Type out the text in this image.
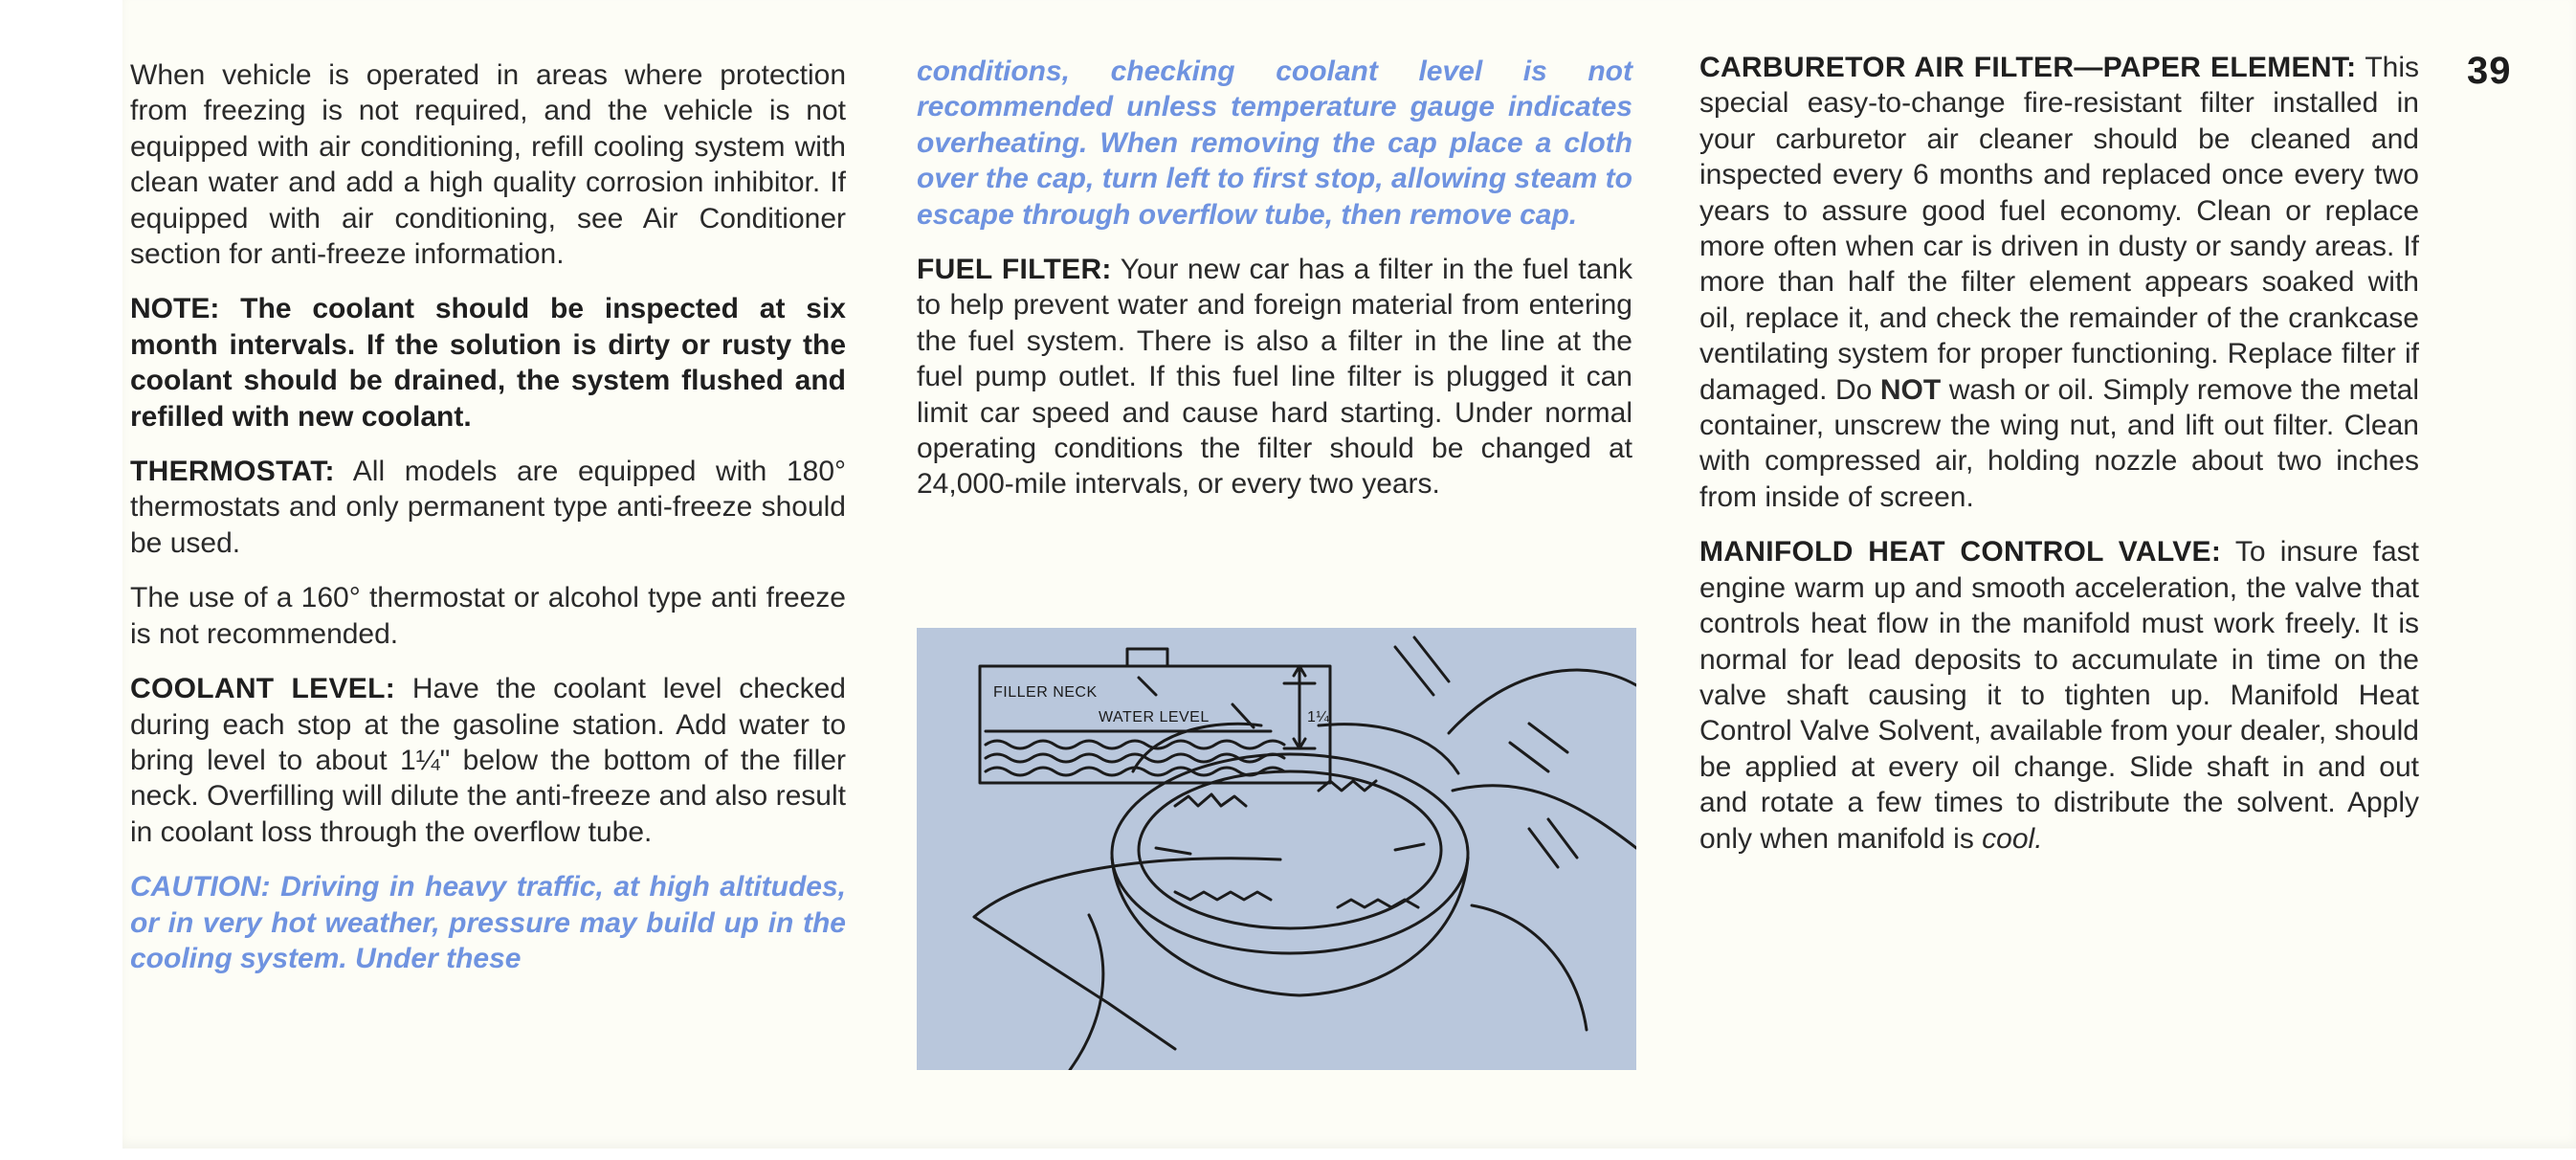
39

When vehicle is operated in areas where protection from freezing is not required, and the vehicle is not equipped with air conditioning, refill cooling system with clean water and add a high quality corrosion inhibitor. If equipped with air conditioning, see Air Conditioner section for anti-freeze information.

NOTE: The coolant should be inspected at six month intervals. If the solution is dirty or rusty the coolant should be drained, the system flushed and refilled with new coolant.

THERMOSTAT: All models are equipped with 180° thermostats and only permanent type anti-freeze should be used.

The use of a 160° thermostat or alcohol type anti freeze is not recommended.

COOLANT LEVEL: Have the coolant level checked during each stop at the gasoline station. Add water to bring level to about 1¼" below the bottom of the filler neck. Overfilling will dilute the anti-freeze and also result in coolant loss through the overflow tube.

CAUTION: Driving in heavy traffic, at high altitudes, or in very hot weather, pressure may build up in the cooling system. Under these

conditions, checking coolant level is not recommended unless temperature gauge indicates overheating. When removing the cap place a cloth over the cap, turn left to first stop, allowing steam to escape through overflow tube, then remove cap.

FUEL FILTER: Your new car has a filter in the fuel tank to help prevent water and foreign material from entering the fuel system. There is also a filter in the line at the fuel pump outlet. If this fuel line filter is plugged it can limit car speed and cause hard starting. Under normal operating conditions the filter should be changed at 24,000-mile intervals, or every two years.

FILLER NECK
WATER LEVEL	1¼

CARBURETOR AIR FILTER—PAPER ELEMENT: This special easy-to-change fire-resistant filter installed in your carburetor air cleaner should be cleaned and inspected every 6 months and replaced once every two years to assure good fuel economy. Clean or replace more often when car is driven in dusty or sandy areas. If more than half the filter element appears soaked with oil, replace it, and check the remainder of the crankcase ventilating system for proper functioning. Replace filter if damaged. Do NOT wash or oil. Simply remove the metal container, unscrew the wing nut, and lift out filter. Clean with compressed air, holding nozzle about two inches from inside of screen.

MANIFOLD HEAT CONTROL VALVE: To insure fast engine warm up and smooth acceleration, the valve that controls heat flow in the manifold must work freely. It is normal for lead deposits to accumulate in time on the valve shaft causing it to tighten up. Manifold Heat Control Valve Solvent, available from your dealer, should be applied at every oil change. Slide shaft in and out and rotate a few times to distribute the solvent. Apply only when manifold is cool.
